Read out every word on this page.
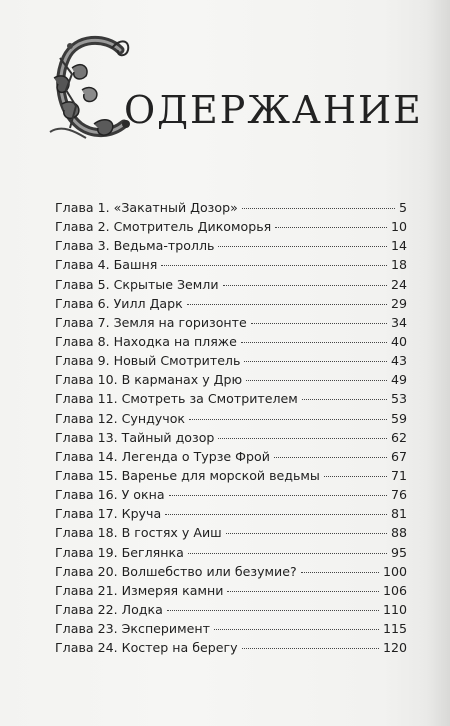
ОДЕРЖАНИЕ
Глава 1. «Закатный Дозор»	5
Глава 2. Смотритель Дикоморья	10
Глава 3. Ведьма-тролль	14
Глава 4. Башня	18
Глава 5. Скрытые Земли	24
Глава 6. Уилл Дарк	29
Глава 7. Земля на горизонте	34
Глава 8. Находка на пляже	40
Глава 9. Новый Смотритель	43
Глава 10. В карманах у Дрю	49
Глава 11. Смотреть за Смотрителем	53
Глава 12. Сундучок	59
Глава 13. Тайный дозор	62
Глава 14. Легенда о Турзе Фрой	67
Глава 15. Варенье для морской ведьмы	71
Глава 16. У окна	76
Глава 17. Круча	81
Глава 18. В гостях у Аиш	88
Глава 19. Беглянка	95
Глава 20. Волшебство или безумие?	100
Глава 21. Измеряя камни	106
Глава 22. Лодка	110
Глава 23. Эксперимент	115
Глава 24. Костер на берегу	120
